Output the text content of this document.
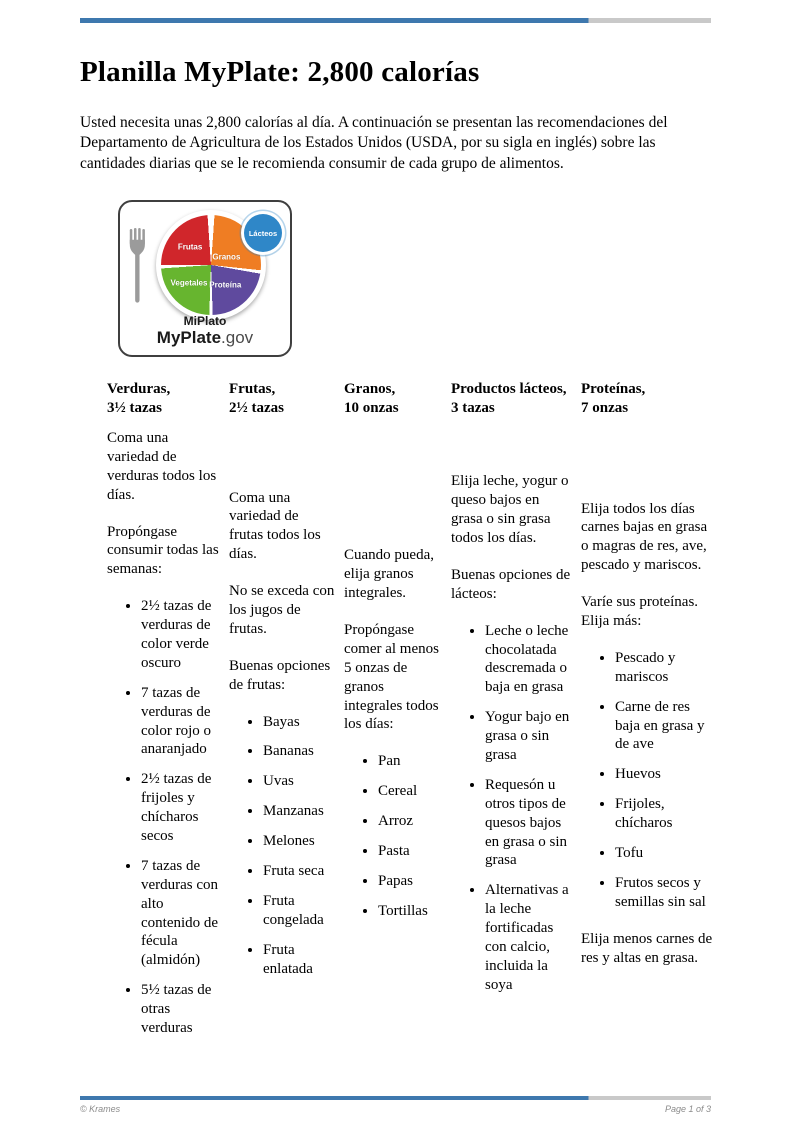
Planilla MyPlate: 2,800 calorías

Usted necesita unas 2,800 calorías al día. A continuación se presentan las recomendaciones del Departamento de Agricultura de los Estados Unidos (USDA, por su sigla en inglés) sobre las cantidades diarias que se le recomienda consumir de cada grupo de alimentos.

Frutas
Granos
Vegetales Proteína
Lácteos
MiPlato
MyPlate.gov
Verduras,
3½ tazas

Coma una variedad de verduras todos los días.

Propóngase consumir todas las semanas:

• 2½ tazas de verduras de color verde oscuro
• 7 tazas de verduras de color rojo o anaranjado
• 2½ tazas de frijoles y chícharos secos
• 7 tazas de verduras con alto contenido de fécula (almidón)
• 5½ tazas de otras verduras
Frutas,
2½ tazas

Coma una variedad de frutas todos los días.

No se exceda con los jugos de frutas.

Buenas opciones de frutas:

• Bayas
• Bananas
• Uvas
• Manzanas
• Melones
• Fruta seca
• Fruta congelada
• Fruta enlatada
Granos,
10 onzas

Cuando pueda, elija granos integrales.

Propóngase comer al menos 5 onzas de granos integrales todos los días:

• Pan
• Cereal
• Arroz
• Pasta
• Papas
• Tortillas
Productos lácteos,
3 tazas

Elija leche, yogur o queso bajos en grasa o sin grasa todos los días.

Buenas opciones de lácteos:

• Leche o leche chocolatada descremada o baja en grasa
• Yogur bajo en grasa o sin grasa
• Requesón u otros tipos de quesos bajos en grasa o sin grasa
• Alternativas a la leche fortificadas con calcio, incluida la soya
Proteínas,
7 onzas

Elija todos los días carnes bajas en grasa o magras de res, ave, pescado y mariscos.

Varíe sus proteínas. Elija más:

• Pescado y mariscos
• Carne de res baja en grasa y de ave
• Huevos
• Frijoles, chícharos
• Tofu
• Frutos secos y semillas sin sal

Elija menos carnes de res y altas en grasa.

© Krames	Page 1 of 3
